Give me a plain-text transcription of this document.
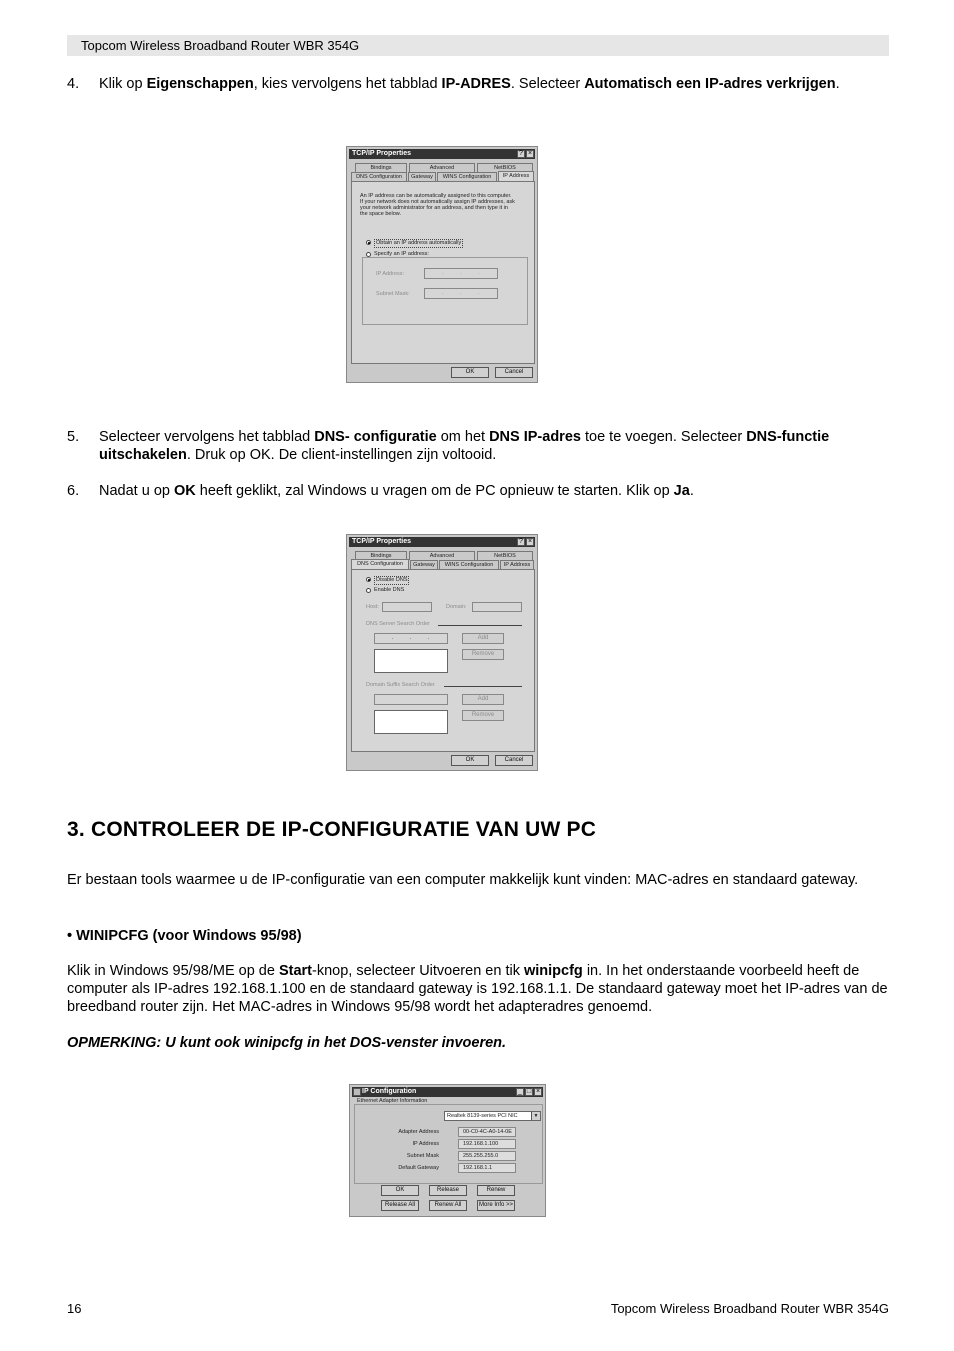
Topcom Wireless Broadband Router WBR 354G
4. Klik op Eigenschappen, kies vervolgens het tabblad IP-ADRES. Selecteer Automatisch een IP-adres verkrijgen.
TCP/IP Properties	? ×
Bindings	Advanced	NetBIOS
DNS Configuration	Gateway	WINS Configuration	IP Address
An IP address can be automatically assigned to this computer.
If your network does not automatically assign IP addresses, ask
your network administrator for an address, and then type it in
the space below.
Obtain an IP address automatically
Specify an IP address:
IP Address:	.	.	.
Subnet Mask:	.	.	.
OK	Cancel
5. Selecteer vervolgens het tabblad DNS- configuratie om het DNS IP-adres toe te voegen. Selecteer DNS-functie uitschakelen. Druk op OK. De client-instellingen zijn voltooid.
6. Nadat u op OK heeft geklikt, zal Windows u vragen om de PC opnieuw te starten. Klik op Ja.
TCP/IP Properties	? ×
Bindings	Advanced	NetBIOS
DNS Configuration	Gateway	WINS Configuration	IP Address
Disable DNS
Enable DNS
Host:	Domain:
DNS Server Search Order
.	.	.	Add
Remove
Domain Suffix Search Order
Add
Remove
OK	Cancel
3. CONTROLEER DE IP-CONFIGURATIE VAN UW PC
Er bestaan tools waarmee u de IP-configuratie van een computer makkelijk kunt vinden: MAC-adres en standaard gateway.
• WINIPCFG (voor Windows 95/98)
Klik in Windows 95/98/ME op de Start-knop, selecteer Uitvoeren en tik winipcfg in. In het onderstaande voorbeeld heeft de computer als IP-adres 192.168.1.100 en de standaard gateway is 192.168.1.1. De standaard gateway moet het IP-adres van de breedband router zijn. Het MAC-adres in Windows 95/98 wordt het adapteradres genoemd.
OPMERKING: U kunt ook winipcfg in het DOS-venster invoeren.
IP Configuration	_ □ ×
Ethernet Adapter Information
Realtek 8139-series PCI NIC	▼
Adapter Address	00-C0-4C-A0-14-0E
IP Address	192.168.1.100
Subnet Mask	255.255.255.0
Default Gateway	192.168.1.1
OK	Release	Renew
Release All	Renew All	More Info >>
16	Topcom Wireless Broadband Router WBR 354G
